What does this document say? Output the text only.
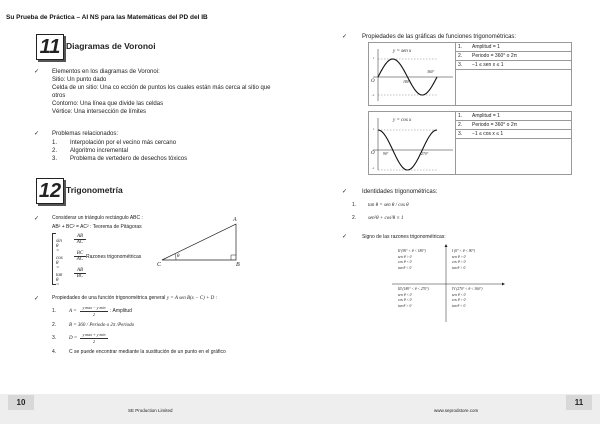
Su Prueba de Práctica – AI NS para las Matemáticas del PD del IB
11 Diagramas de Voronoi
✓ Elementos en los diagramas de Voronoi:
Sitio: Un punto dado
Celda de un sitio: Una co ección de puntos los cuales están más cerca al sitio que
otros
Contorno: Una línea que divide las celdas
Vértice: Una intersección de límites
✓ Problemas relacionados:
1. Interpolación por el vecino más cercano
2. Algoritmo incremental
3. Problema de vertedero de desechos tóxicos
12 Trigonometría
✓	Considerar un triángulo rectángulo ABC :
AB² + BC² = AC² : Teorema de Pitágoras
sin θ =
$\frac{AB}{AC}$
cos θ =
$\frac{BC}{AC}$
tan θ =
$\frac{AB}{BC}$
Razones trigonométricas
A
B
C
θ
✓	Propiedades de una función trigonométrica general y = A sen B(x − C) + D :
1.	A =
y max − y min
2
: Amplitud
2.	B = 360 / Periodo o 2π /Periodo
3.	D =
y max + y min
2
4.	C se puede encontrar mediante la sustitución de un punto en el gráfico
✓ Propiedades de las gráficas de funciones trigonométricas:
y = sen x
180°
360°
O
1
−1
1. Amplitud = 1
2. Periodo = 360° o 2π
3. −1 ≤ sen x ≤ 1
y = cos x
90°	270°
O
1
−1
1. Amplitud = 1
2. Periodo = 360° o 2π
3. −1 ≤ cos x ≤ 1
✓ Identidades trigonométricas:
1. tan θ = sen θ / cos θ
2. sen²θ + cos²θ ≡ 1
✓	Signo de las razones trigonométricas:
II (90° < θ < 180°)
sen θ > 0
cos θ < 0
tan θ < 0
I (0° < θ < 90°)
sen θ > 0
cos θ > 0
tan θ > 0
III (180° < θ < 270°)
sen θ < 0
cos θ < 0
tan θ > 0
IV (270° < θ < 360°)
sen θ < 0
cos θ > 0
tan θ < 0
10	11
SE Production Limited	www.seprodstore.com
